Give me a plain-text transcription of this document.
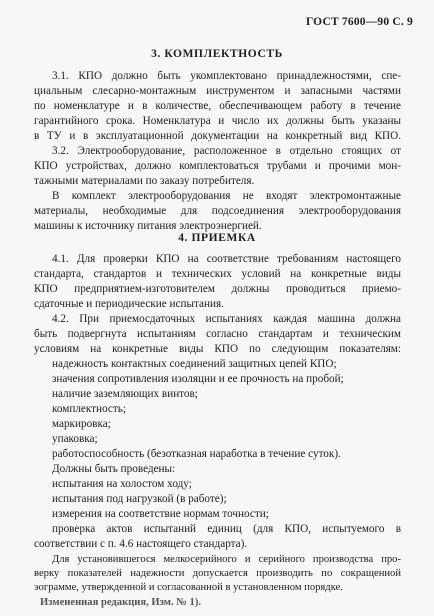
ГОСТ 7600—90 С. 9
3. КОМПЛЕКТНОСТЬ
3.1. КПО должно быть укомплектовано принадлежностями, спе-
циальным слесарно-монтажным инструментом и запасными частями
по номенклатуре и в количестве, обеспечивающем работу в течение
гарантийного срока. Номенклатура и число их должны быть указаны
в ТУ и в эксплуатационной документации на конкретный вид КПО.
3.2. Электрооборудование, расположенное в отдельно стоящих от
КПО устройствах, должно комплектоваться трубами и прочими мон-
тажными материалами по заказу потребителя.
В комплект электрооборудования не входят электромонтажные
материалы, необходимые для подсоединения электрооборудования
машины к источнику питания электроэнергией.
4. ПРИЕМКА
4.1. Для проверки КПО на соответствие требованиям настоящего
стандарта, стандартов и технических условий на конкретные виды
КПО предприятием-изготовителем должны проводиться приемо-
сдаточные и периодические испытания.
4.2. При приемосдаточных испытаниях каждая машина должна
быть подвергнута испытаниям согласно стандартам и техническим
условиям на конкретные виды КПО по следующим показателям:
надежность контактных соединений защитных цепей КПО;
значения сопротивления изоляции и ее прочность на пробой;
наличие заземляющих винтов;
комплектность;
маркировка;
упаковка;
работоспособность (безотказная наработка в течение суток).
Должны быть проведены:
испытания на холостом ходу;
испытания под нагрузкой (в работе);
измерения на соответствие нормам точности;
проверка актов испытаний единиц (для КПО, испытуемого в
соответствии с п. 4.6 настоящего стандарта).
Для установившегося мелкосерийного и серийного производства про-
верку показателей надежности допускается производить по сокращенной
эограмме, утвержденной и согласованной в установленном порядке.
Измененная редакция, Изм. № 1).
